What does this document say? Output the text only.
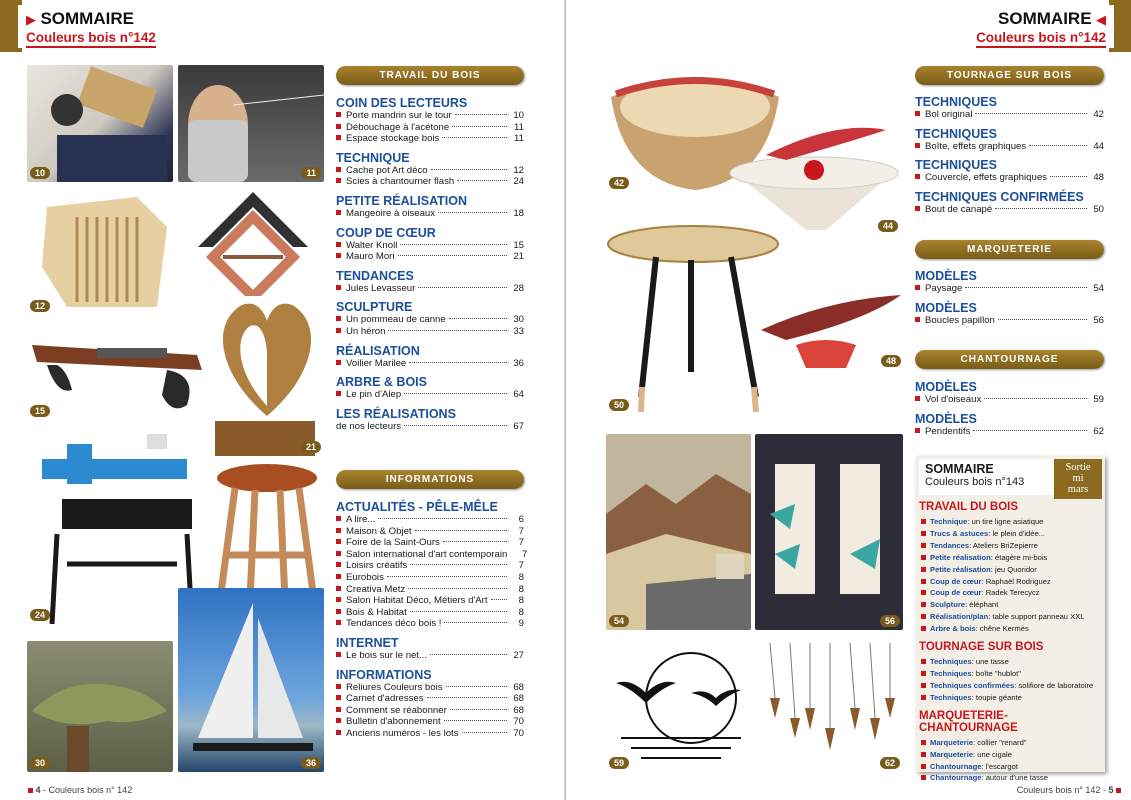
▶ SOMMAIRE
Couleurs bois n°142
10	11
12
15
21
24
30	36
TRAVAIL DU BOIS
COIN DES LECTEURS
Porte mandrin sur le tour	10
Débouchage à l'acétone	11
Espace stockage bois	11
TECHNIQUE
Cache pot Art déco	12
Scies à chantourner flash	24
PETITE RÉALISATION
Mangeoire à oiseaux	18
COUP DE CŒUR
Walter Knoll	15
Mauro Mori	21
TENDANCES
Jules Levasseur	28
SCULPTURE
Un pommeau de canne	30
Un héron	33
RÉALISATION
Voilier Marilee	36
ARBRE & BOIS
Le pin d'Alep	64
LES RÉALISATIONS
de nos lecteurs	67
INFORMATIONS
ACTUALITÉS - PÊLE-MÊLE
A lire...	6
Maison & Objet	7
Foire de la Saint-Ours	7
Salon international d'art contemporain	7
Loisirs créatifs	7
Eurobois	8
Creativa Metz	8
Salon Habitat Déco, Métiers d'Art	8
Bois & Habitat	8
Tendances déco bois !	9
INTERNET
Le bois sur le net...	27
INFORMATIONS
Reliures Couleurs bois	68
Carnet d'adresses	68
Comment se réabonner	68
Bulletin d'abonnement	70
Anciens numéros - les lots	70
4 - Couleurs bois n° 142
SOMMAIRE ◀
Couleurs bois n°142
42
44
50
48
54	56
59	62
TOURNAGE SUR BOIS
TECHNIQUES
Bol original	42
TECHNIQUES
Boîte, effets graphiques	44
TECHNIQUES
Couvercle, effets graphiques	48
TECHNIQUES CONFIRMÉES
Bout de canapé	50
MARQUETERIE
MODÈLES
Paysage	54
MODÈLES
Boucles papillon	56
CHANTOURNAGE
MODÈLES
Vol d'oiseaux	59
MODÈLES
Pendentifs	62
SOMMAIRE
Couleurs bois n°143
Sortie
mi
mars
TRAVAIL DU BOIS
Technique : un tire ligne asiatique
Trucs & astuces : le plein d'idée...
Tendances : Ateliers BriZepierre
Petite réalisation : étagère mi-bois
Petite réalisation : jeu Quoridor
Coup de cœur : Raphaël Rodriguez
Coup de cœur : Radek Terecycz
Sculpture : éléphant
Réalisation/plan : table support panneau XXL
Arbre & bois : chêne Kermès
TOURNAGE SUR BOIS
Techniques : une tasse
Techniques : boîte "hublot"
Techniques confirmées : solifiore de laboratoire
Techniques : toupie géante
MARQUETERIE-CHANTOURNAGE
Marqueterie : collier "renard"
Marqueterie : une cigale
Chantournage : l'escargot
Chantournage : autour d'une tasse
Couleurs bois n° 142 - 5
